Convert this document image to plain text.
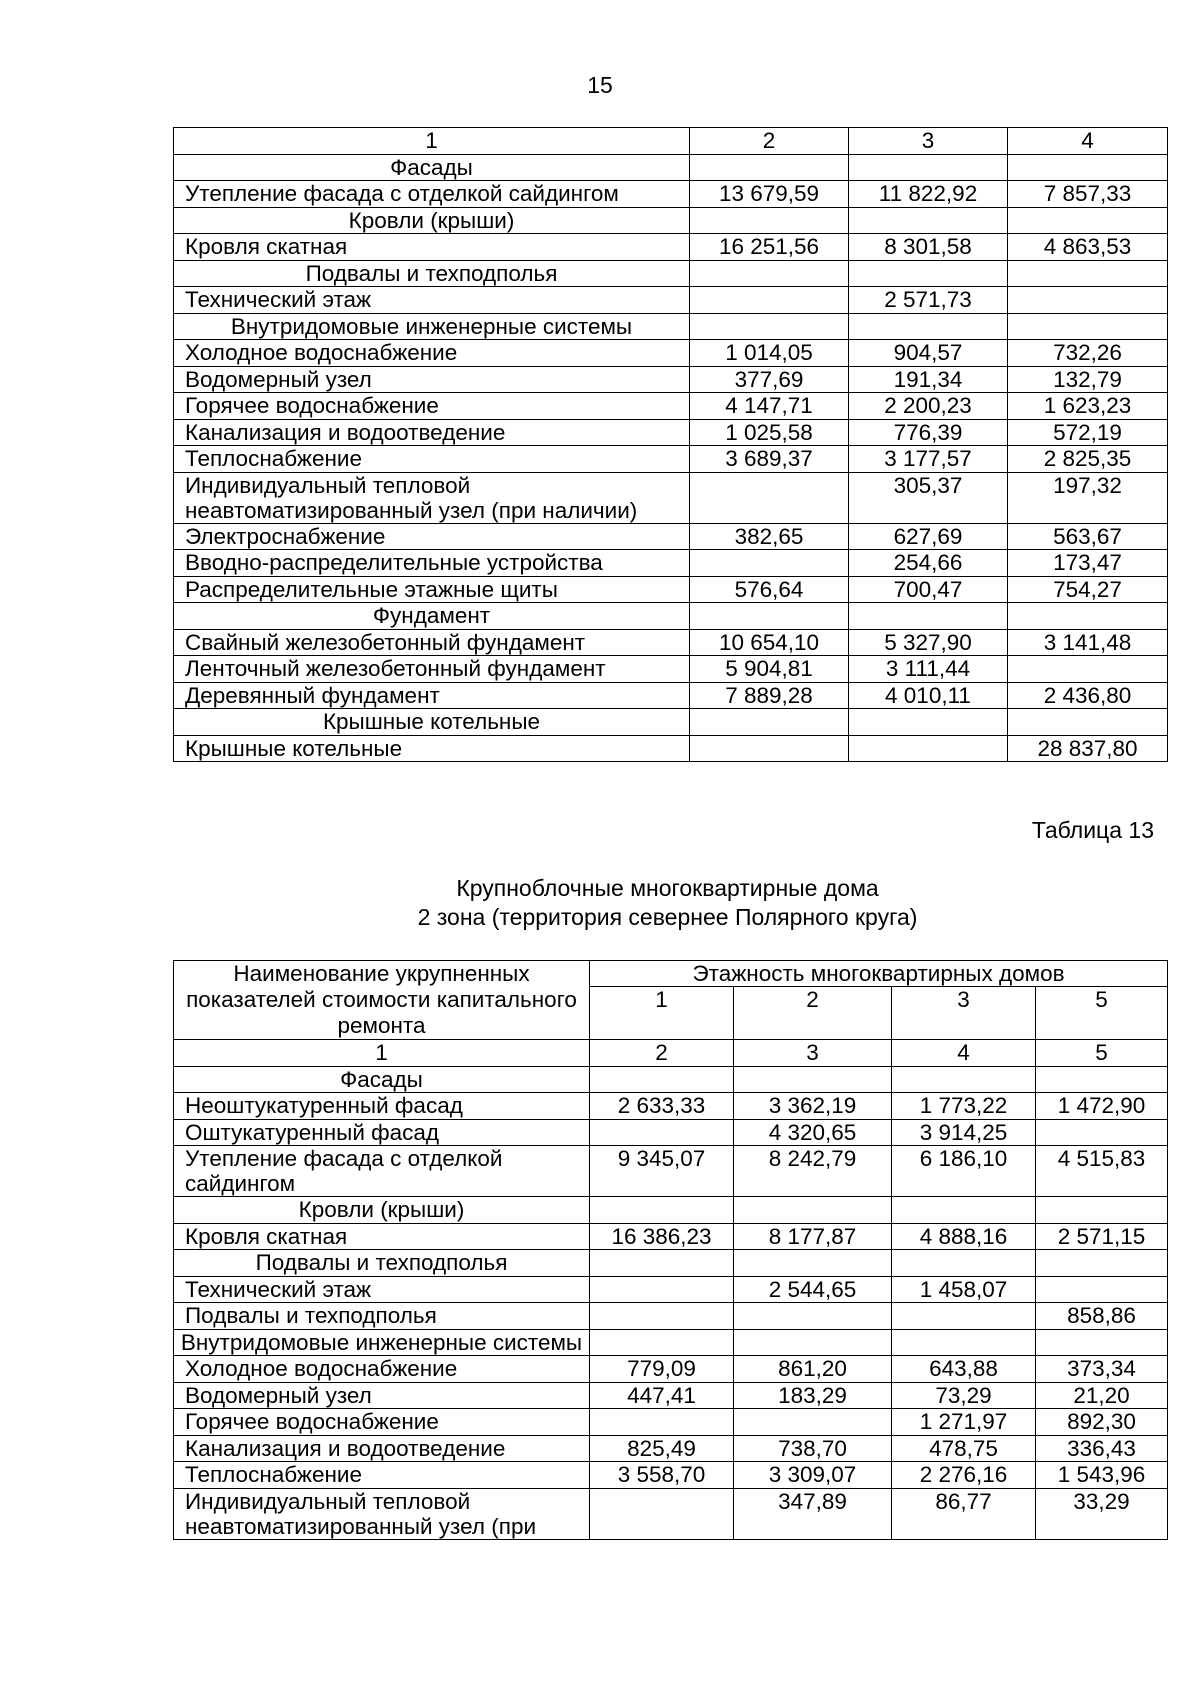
15
1	2	3	4
Фасады			
Утепление фасада с отделкой сайдингом	13 679,59	11 822,92	7 857,33
Кровли (крыши)			
Кровля скатная	16 251,56	8 301,58	4 863,53
Подвалы и техподполья			
Технический этаж		2 571,73	
Внутридомовые инженерные системы			
Холодное водоснабжение	1 014,05	904,57	732,26
Водомерный узел	377,69	191,34	132,79
Горячее водоснабжение	4 147,71	2 200,23	1 623,23
Канализация и водоотведение	1 025,58	776,39	572,19
Теплоснабжение	3 689,37	3 177,57	2 825,35
Индивидуальный тепловой неавтоматизированный узел (при наличии)		305,37	197,32
Электроснабжение	382,65	627,69	563,67
Вводно-распределительные устройства		254,66	173,47
Распределительные этажные щиты	576,64	700,47	754,27
Фундамент			
Свайный железобетонный фундамент	10 654,10	5 327,90	3 141,48
Ленточный железобетонный фундамент	5 904,81	3 111,44	
Деревянный фундамент	7 889,28	4 010,11	2 436,80
Крышные котельные			
Крышные котельные			28 837,80
Таблица 13
Крупноблочные многоквартирные дома
2 зона (территория севернее Полярного круга)
Наименование укрупненных показателей стоимости капитального ремонта	Этажность многоквартирных домов				
	1	2	3	5	

1	2	3	4	5	
Фасады					
Неоштукатуренный фасад	2 633,33	3 362,19	1 773,22	1 472,90	
Оштукатуренный фасад		4 320,65	3 914,25		
Утепление фасада с отделкой сайдингом	9 345,07	8 242,79	6 186,10	4 515,83	
Кровли (крыши)					
Кровля скатная	16 386,23	8 177,87	4 888,16	2 571,15	
Подвалы и техподполья					
Технический этаж		2 544,65	1 458,07		
Подвалы и техподполья				858,86	
Внутридомовые инженерные системы					
Холодное водоснабжение	779,09	861,20	643,88	373,34	
Водомерный узел	447,41	183,29	73,29	21,20	
Горячее водоснабжение			1 271,97	892,30	
Канализация и водоотведение	825,49	738,70	478,75	336,43	
Теплоснабжение	3 558,70	3 309,07	2 276,16	1 543,96	
Индивидуальный тепловой неавтоматизированный узел (при		347,89	86,77	33,29	
